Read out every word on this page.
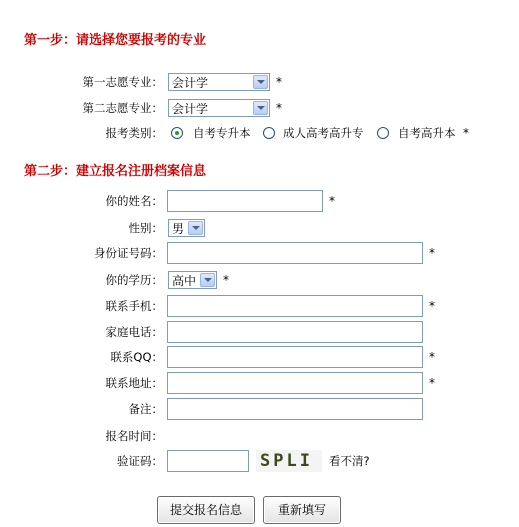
第一步：请选择您要报考的专业
第一志愿专业： 会计学	*
第二志愿专业： 会计学	*
报考类别：	自考专升本	成人高考高升专	自考高升本 *
第二步：建立报名注册档案信息
你的姓名：	*
性别： 男
身份证号码：	*
你的学历： 高中	*
联系手机：	*
家庭电话：
联系QQ：	*
联系地址：	*
备注：
报名时间：
验证码：	SPLI	看不清?
提交报名信息	重新填写
